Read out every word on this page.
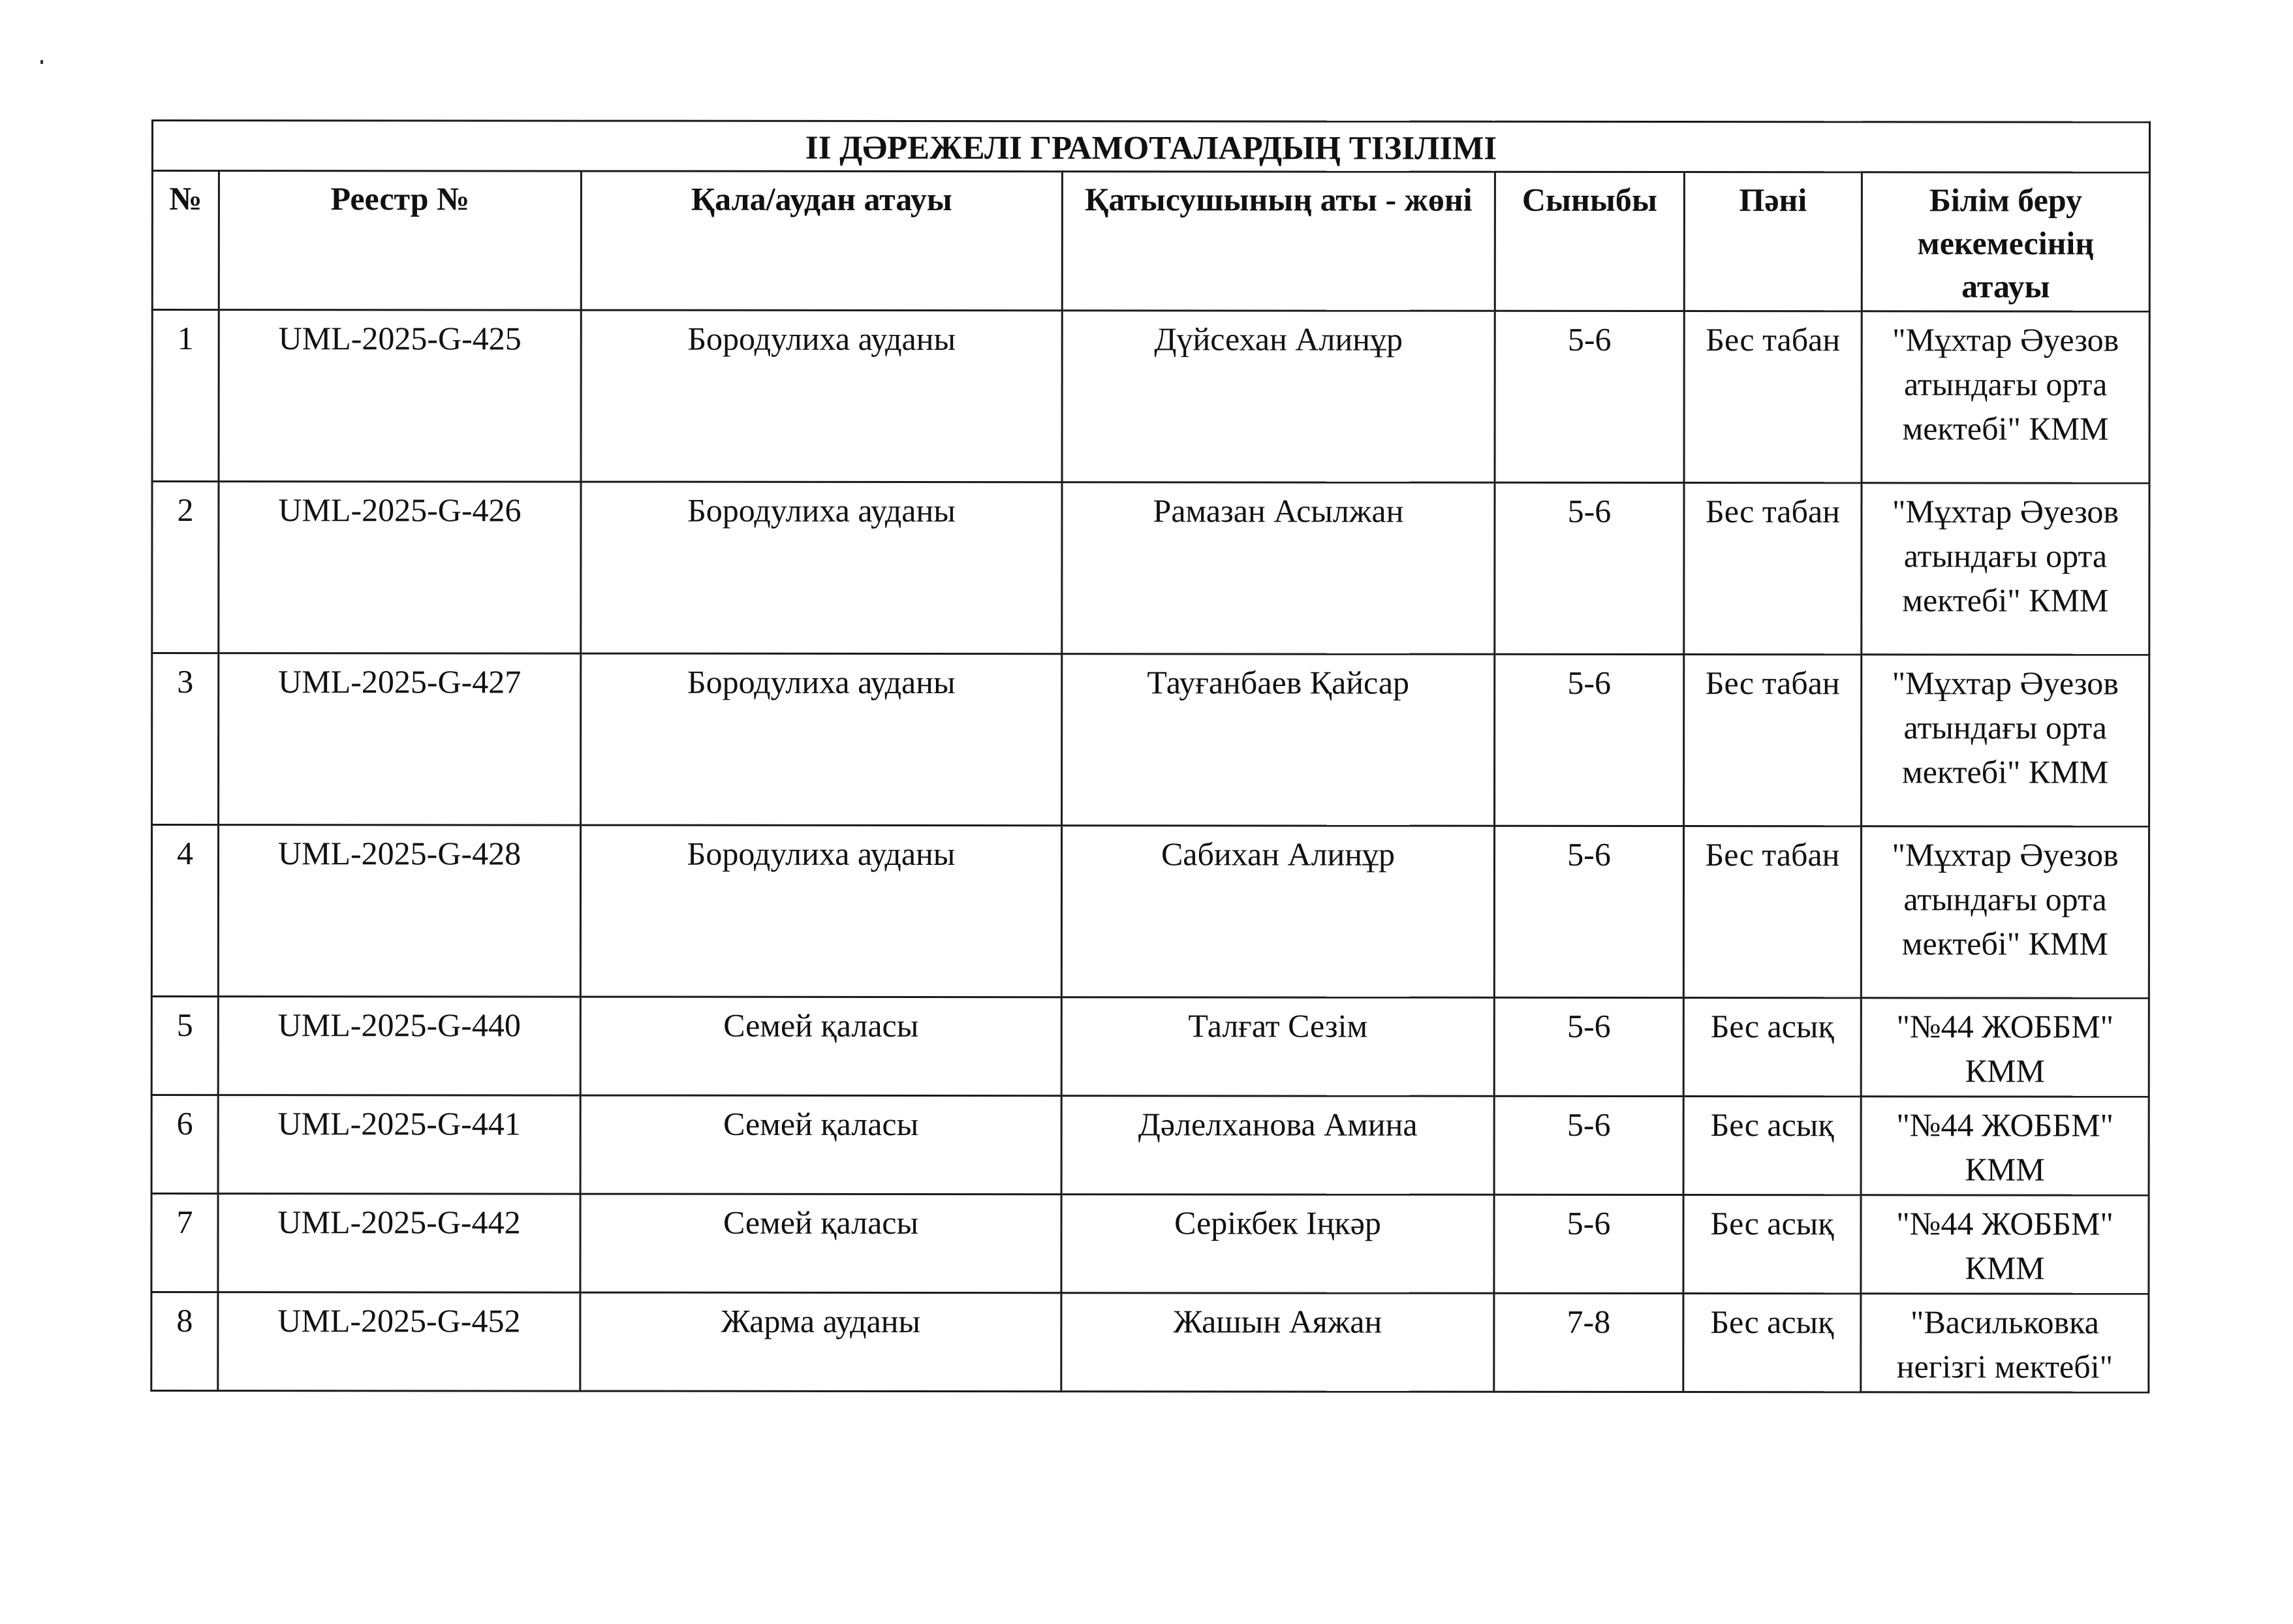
II ДӘРЕЖЕЛІ ГРАМОТАЛАРДЫҢ ТІЗІЛІМІ						
№	Реестр №	Қала/аудан атауы	Қатысушының аты - жөні	Сыныбы	Пәні	Білім беру мекемесінің атауы
1	UML-2025-G-425	Бородулиха ауданы	Дүйсехан Алинұр	5-6	Бес табан	"Мұхтар Әуезов атындағы орта мектебі" КММ
2	UML-2025-G-426	Бородулиха ауданы	Рамазан Асылжан	5-6	Бес табан	"Мұхтар Әуезов атындағы орта мектебі" КММ
3	UML-2025-G-427	Бородулиха ауданы	Тауғанбаев Қайсар	5-6	Бес табан	"Мұхтар Әуезов атындағы орта мектебі" КММ
4	UML-2025-G-428	Бородулиха ауданы	Сабихан Алинұр	5-6	Бес табан	"Мұхтар Әуезов атындағы орта мектебі" КММ
5	UML-2025-G-440	Семей қаласы	Талғат Сезім	5-6	Бес асық	"№44 ЖОББМ" КММ
6	UML-2025-G-441	Семей қаласы	Дәлелханова Амина	5-6	Бес асық	"№44 ЖОББМ" КММ
7	UML-2025-G-442	Семей қаласы	Серікбек Іңкәр	5-6	Бес асық	"№44 ЖОББМ" КММ
8	UML-2025-G-452	Жарма ауданы	Жашын Аяжан	7-8	Бес асық	"Васильковка негізгі мектебі"
